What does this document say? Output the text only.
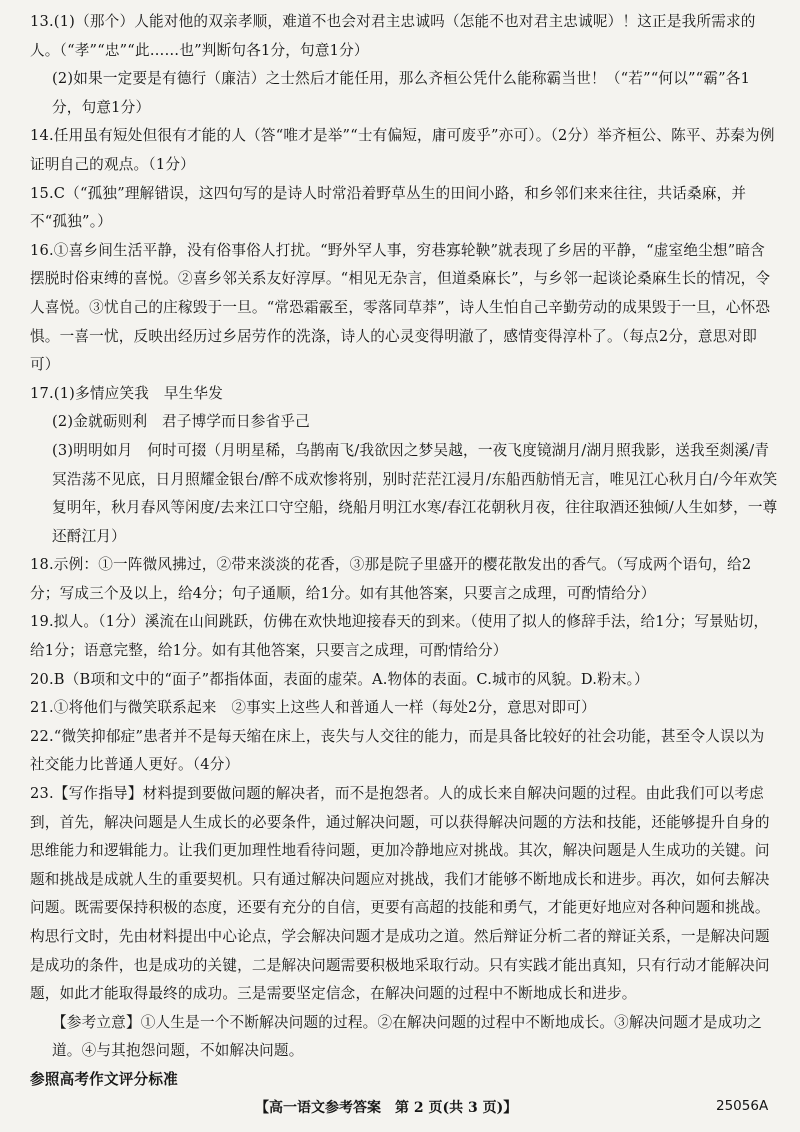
13.(1)（那个）人能对他的双亲孝顺，难道不也会对君主忠诚吗（怎能不也对君主忠诚呢）！这正是我所需求的人。（“孝”“忠”“此……也”判断句各1分，句意1分）

(2)如果一定要是有德行（廉洁）之士然后才能任用，那么齐桓公凭什么能称霸当世！（“若”“何以”“霸”各1分，句意1分）

14.任用虽有短处但很有才能的人（答“唯才是举”“士有偏短，庸可废乎”亦可）。（2分）举齐桓公、陈平、苏秦为例证明自己的观点。（1分）

15.C（“孤独”理解错误，这四句写的是诗人时常沿着野草丛生的田间小路，和乡邻们来来往往，共话桑麻，并不“孤独”。）

16.①喜乡间生活平静，没有俗事俗人打扰。“野外罕人事，穷巷寡轮鞅”就表现了乡居的平静，“虚室绝尘想”暗含摆脱时俗束缚的喜悦。②喜乡邻关系友好淳厚。“相见无杂言，但道桑麻长”，与乡邻一起谈论桑麻生长的情况，令人喜悦。③忧自己的庄稼毁于一旦。“常恐霜霰至，零落同草莽”，诗人生怕自己辛勤劳动的成果毁于一旦，心怀恐惧。一喜一忧，反映出经历过乡居劳作的洗涤，诗人的心灵变得明澈了，感情变得淳朴了。（每点2分，意思对即可）

17.(1)多情应笑我　早生华发

(2)金就砺则利　君子博学而日参省乎己

(3)明明如月　何时可掇（月明星稀，乌鹊南飞/我欲因之梦吴越，一夜飞度镜湖月/湖月照我影，送我至剡溪/青冥浩荡不见底，日月照耀金银台/醉不成欢惨将别，别时茫茫江浸月/东船西舫悄无言，唯见江心秋月白/今年欢笑复明年，秋月春风等闲度/去来江口守空船，绕船月明江水寒/春江花朝秋月夜，往往取酒还独倾/人生如梦，一尊还酹江月）

18.示例：①一阵微风拂过，②带来淡淡的花香，③那是院子里盛开的樱花散发出的香气。（写成两个语句，给2分；写成三个及以上，给4分；句子通顺，给1分。如有其他答案，只要言之成理，可酌情给分）

19.拟人。（1分）溪流在山间跳跃，仿佛在欢快地迎接春天的到来。（使用了拟人的修辞手法，给1分；写景贴切，给1分；语意完整，给1分。如有其他答案，只要言之成理，可酌情给分）

20.B（B项和文中的“面子”都指体面，表面的虚荣。A.物体的表面。C.城市的风貌。D.粉末。）

21.①将他们与微笑联系起来　②事实上这些人和普通人一样（每处2分，意思对即可）

22.“微笑抑郁症”患者并不是每天缩在床上，丧失与人交往的能力，而是具备比较好的社会功能，甚至令人误以为社交能力比普通人更好。（4分）

23.【写作指导】材料提到要做问题的解决者，而不是抱怨者。人的成长来自解决问题的过程。由此我们可以考虑到，首先，解决问题是人生成长的必要条件，通过解决问题，可以获得解决问题的方法和技能，还能够提升自身的思维能力和逻辑能力。让我们更加理性地看待问题，更加冷静地应对挑战。其次，解决问题是人生成功的关键。问题和挑战是成就人生的重要契机。只有通过解决问题应对挑战，我们才能够不断地成长和进步。再次，如何去解决问题。既需要保持积极的态度，还要有充分的自信，更要有高超的技能和勇气，才能更好地应对各种问题和挑战。构思行文时，先由材料提出中心论点，学会解决问题才是成功之道。然后辩证分析二者的辩证关系，一是解决问题是成功的条件，也是成功的关键，二是解决问题需要积极地采取行动。只有实践才能出真知，只有行动才能解决问题，如此才能取得最终的成功。三是需要坚定信念，在解决问题的过程中不断地成长和进步。

【参考立意】①人生是一个不断解决问题的过程。②在解决问题的过程中不断地成长。③解决问题才是成功之道。④与其抱怨问题，不如解决问题。

参照高考作文评分标准

【高一语文参考答案　第 2 页(共 3 页)】	25056A
